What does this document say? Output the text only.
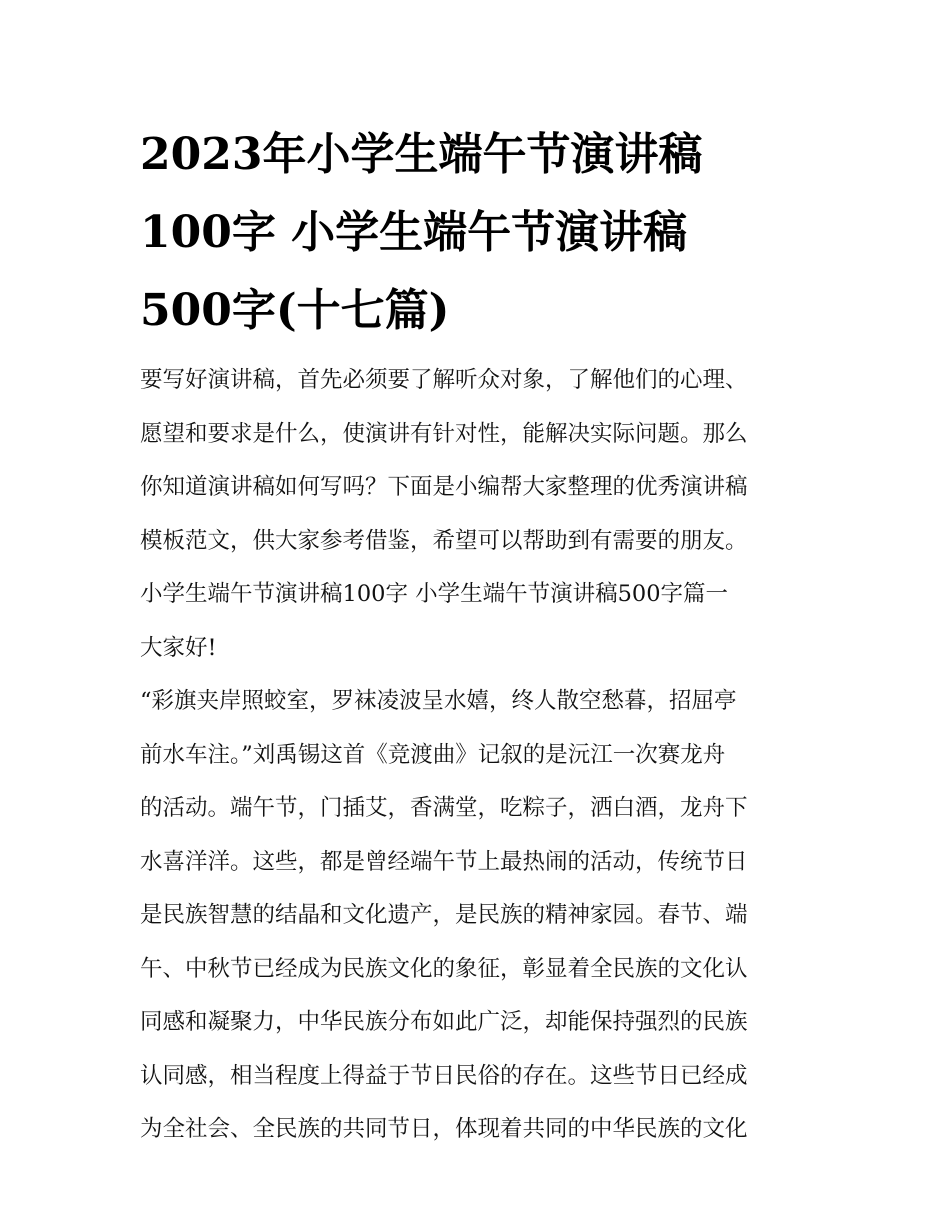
2023年小学生端午节演讲稿
100字 小学生端午节演讲稿
500字(十七篇)
要写好演讲稿，首先必须要了解听众对象，了解他们的心理、
愿望和要求是什么，使演讲有针对性，能解决实际问题。那么
你知道演讲稿如何写吗？下面是小编帮大家整理的优秀演讲稿
模板范文，供大家参考借鉴，希望可以帮助到有需要的朋友。
小学生端午节演讲稿100字 小学生端午节演讲稿500字篇一
大家好!
“彩旗夹岸照蛟室，罗袜凌波呈水嬉，终人散空愁暮，招屈亭
前水车注。”刘禹锡这首《竞渡曲》记叙的是沅江一次赛龙舟
的活动。端午节，门插艾，香满堂，吃粽子，洒白酒，龙舟下
水喜洋洋。这些，都是曾经端午节上最热闹的活动，传统节日
是民族智慧的结晶和文化遗产，是民族的精神家园。春节、端
午、中秋节已经成为民族文化的象征，彰显着全民族的文化认
同感和凝聚力，中华民族分布如此广泛，却能保持强烈的民族
认同感，相当程度上得益于节日民俗的存在。这些节日已经成
为全社会、全民族的共同节日，体现着共同的中华民族的文化
